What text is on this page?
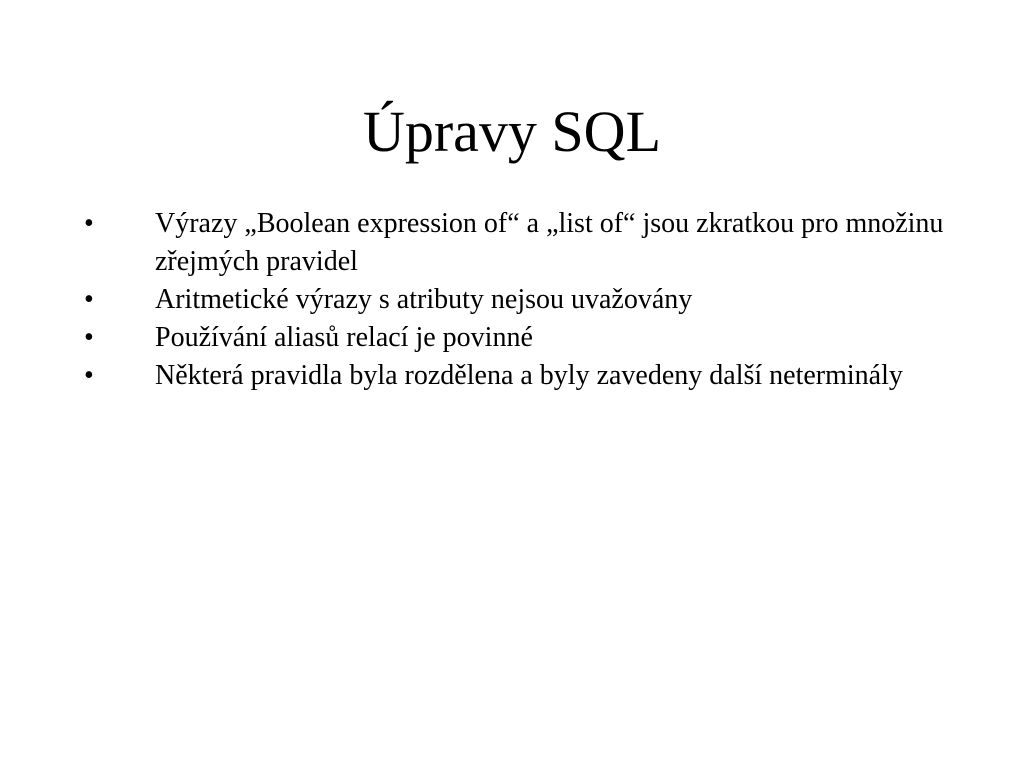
Úpravy SQL
•	Výrazy „Boolean expression of“ a „list of“ jsou zkratkou pro množinu zřejmých pravidel
•	Aritmetické výrazy s atributy nejsou uvažovány
•	Používání aliasů relací je povinné
•	Některá pravidla byla rozdělena a byly zavedeny další neterminály
